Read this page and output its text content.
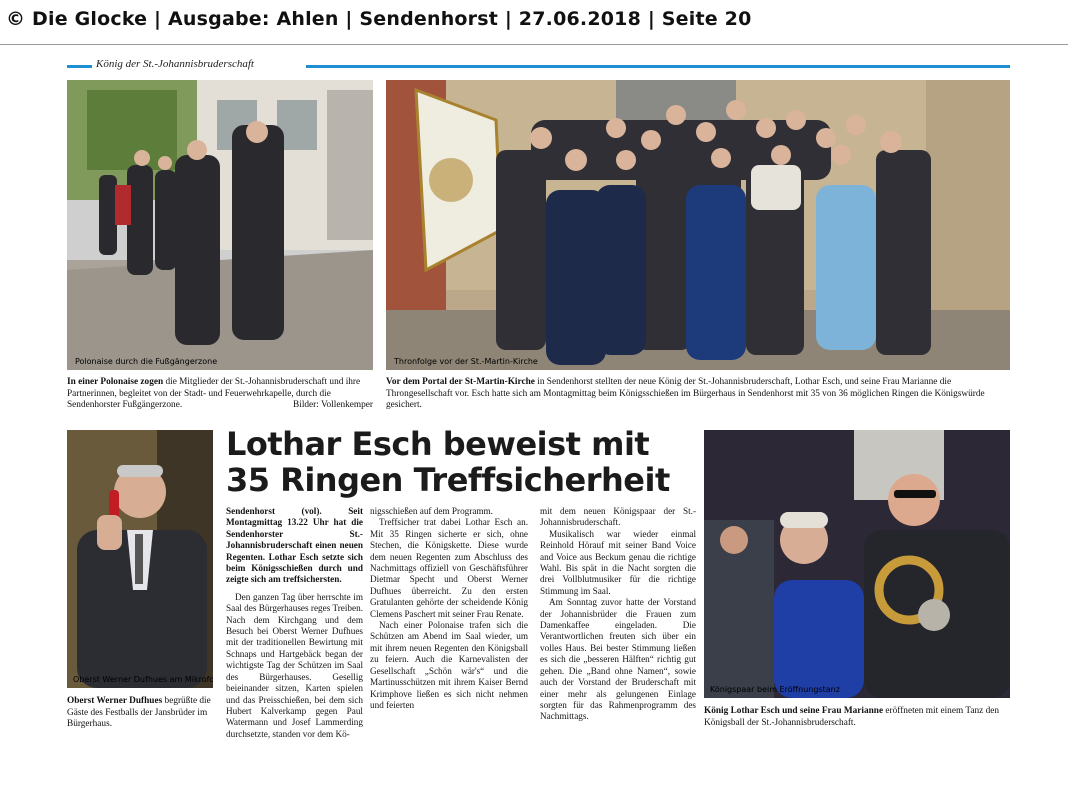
© Die Glocke | Ausgabe: Ahlen | Sendenhorst | 27.06.2018 | Seite 20
König der St.-Johannisbruderschaft
In einer Polonaise zogen die Mitglieder der St.-Johannisbruderschaft und ihre Partnerinnen, begleitet von der Stadt- und Feuerwehrkapelle, durch die Sendenhorster Fußgängerzone.	Bilder: Vollenkemper
Vor dem Portal der St-Martin-Kirche in Sendenhorst stellten der neue König der St.-Johannisbruderschaft, Lothar Esch, und seine Frau Marianne die Throngesellschaft vor. Esch hatte sich am Montagmittag beim Königsschießen im Bürgerhaus in Sendenhorst mit 35 von 36 möglichen Ringen die Königswürde gesichert.
Oberst Werner Dufhues begrüßte die Gäste des Festballs der Jansbrüder im Bürgerhaus.
Lothar Esch beweist mit 35 Ringen Treffsicherheit

Sendenhorst (vol). Seit Montagmittag 13.22 Uhr hat die Sendenhorster St.-Johannisbruderschaft einen neuen Regenten. Lothar Esch setzte sich beim Königsschießen durch und zeigte sich am treffsichersten.

Den ganzen Tag über herrschte im Saal des Bürgerhauses reges Treiben. Nach dem Kirchgang und dem Besuch bei Oberst Werner Dufhues mit der traditionellen Bewirtung mit Schnaps und Hartgebäck began der wichtigste Tag der Schützen im Saal des Bürgerhauses. Gesellig beieinander sitzen, Karten spielen und das Preisschießen, bei dem sich Hubert Kalverkamp gegen Paul Watermann und Josef Lammerding durchsetzte, standen vor dem Kö-

nigsschießen auf dem Programm.

Treffsicher trat dabei Lothar Esch an. Mit 35 Ringen sicherte er sich, ohne Stechen, die Königskette. Diese wurde dem neuen Regenten zum Abschluss des Nachmittags offiziell von Geschäftsführer Dietmar Specht und Oberst Werner Dufhues überreicht. Zu den ersten Gratulanten gehörte der scheidende König Clemens Paschert mit seiner Frau Renate.

Nach einer Polonaise trafen sich die Schützen am Abend im Saal wieder, um mit ihrem neuen Regenten den Königsball zu feiern. Auch die Karnevalisten der Gesellschaft „Schön wär's“ und die Martinusschützen mit ihrem Kaiser Bernd Krimphove ließen es sich nicht nehmen und feierten

mit dem neuen Königspaar der St.-Johannisbruderschaft.

Musikalisch war wieder einmal Reinhold Hörauf mit seiner Band Voice and Voice aus Beckum genau die richtige Wahl. Bis spät in die Nacht sorgten die drei Vollblutmusiker für die richtige Stimmung im Saal.

Am Sonntag zuvor hatte der Vorstand der Johannisbrüder die Frauen zum Damenkaffee eingeladen. Die Verantwortlichen freuten sich über ein volles Haus. Bei bester Stimmung ließen es sich die „besseren Hälften“ richtig gut gehen. Die „Band ohne Namen“, sowie auch der Vorstand der Bruderschaft mit einer mehr als gelungenen Einlage sorgten für das Rahmenprogramm des Nachmittags.

König Lothar Esch und seine Frau Marianne eröffneten mit einem Tanz den Königsball der St.-Johannisbruderschaft.
